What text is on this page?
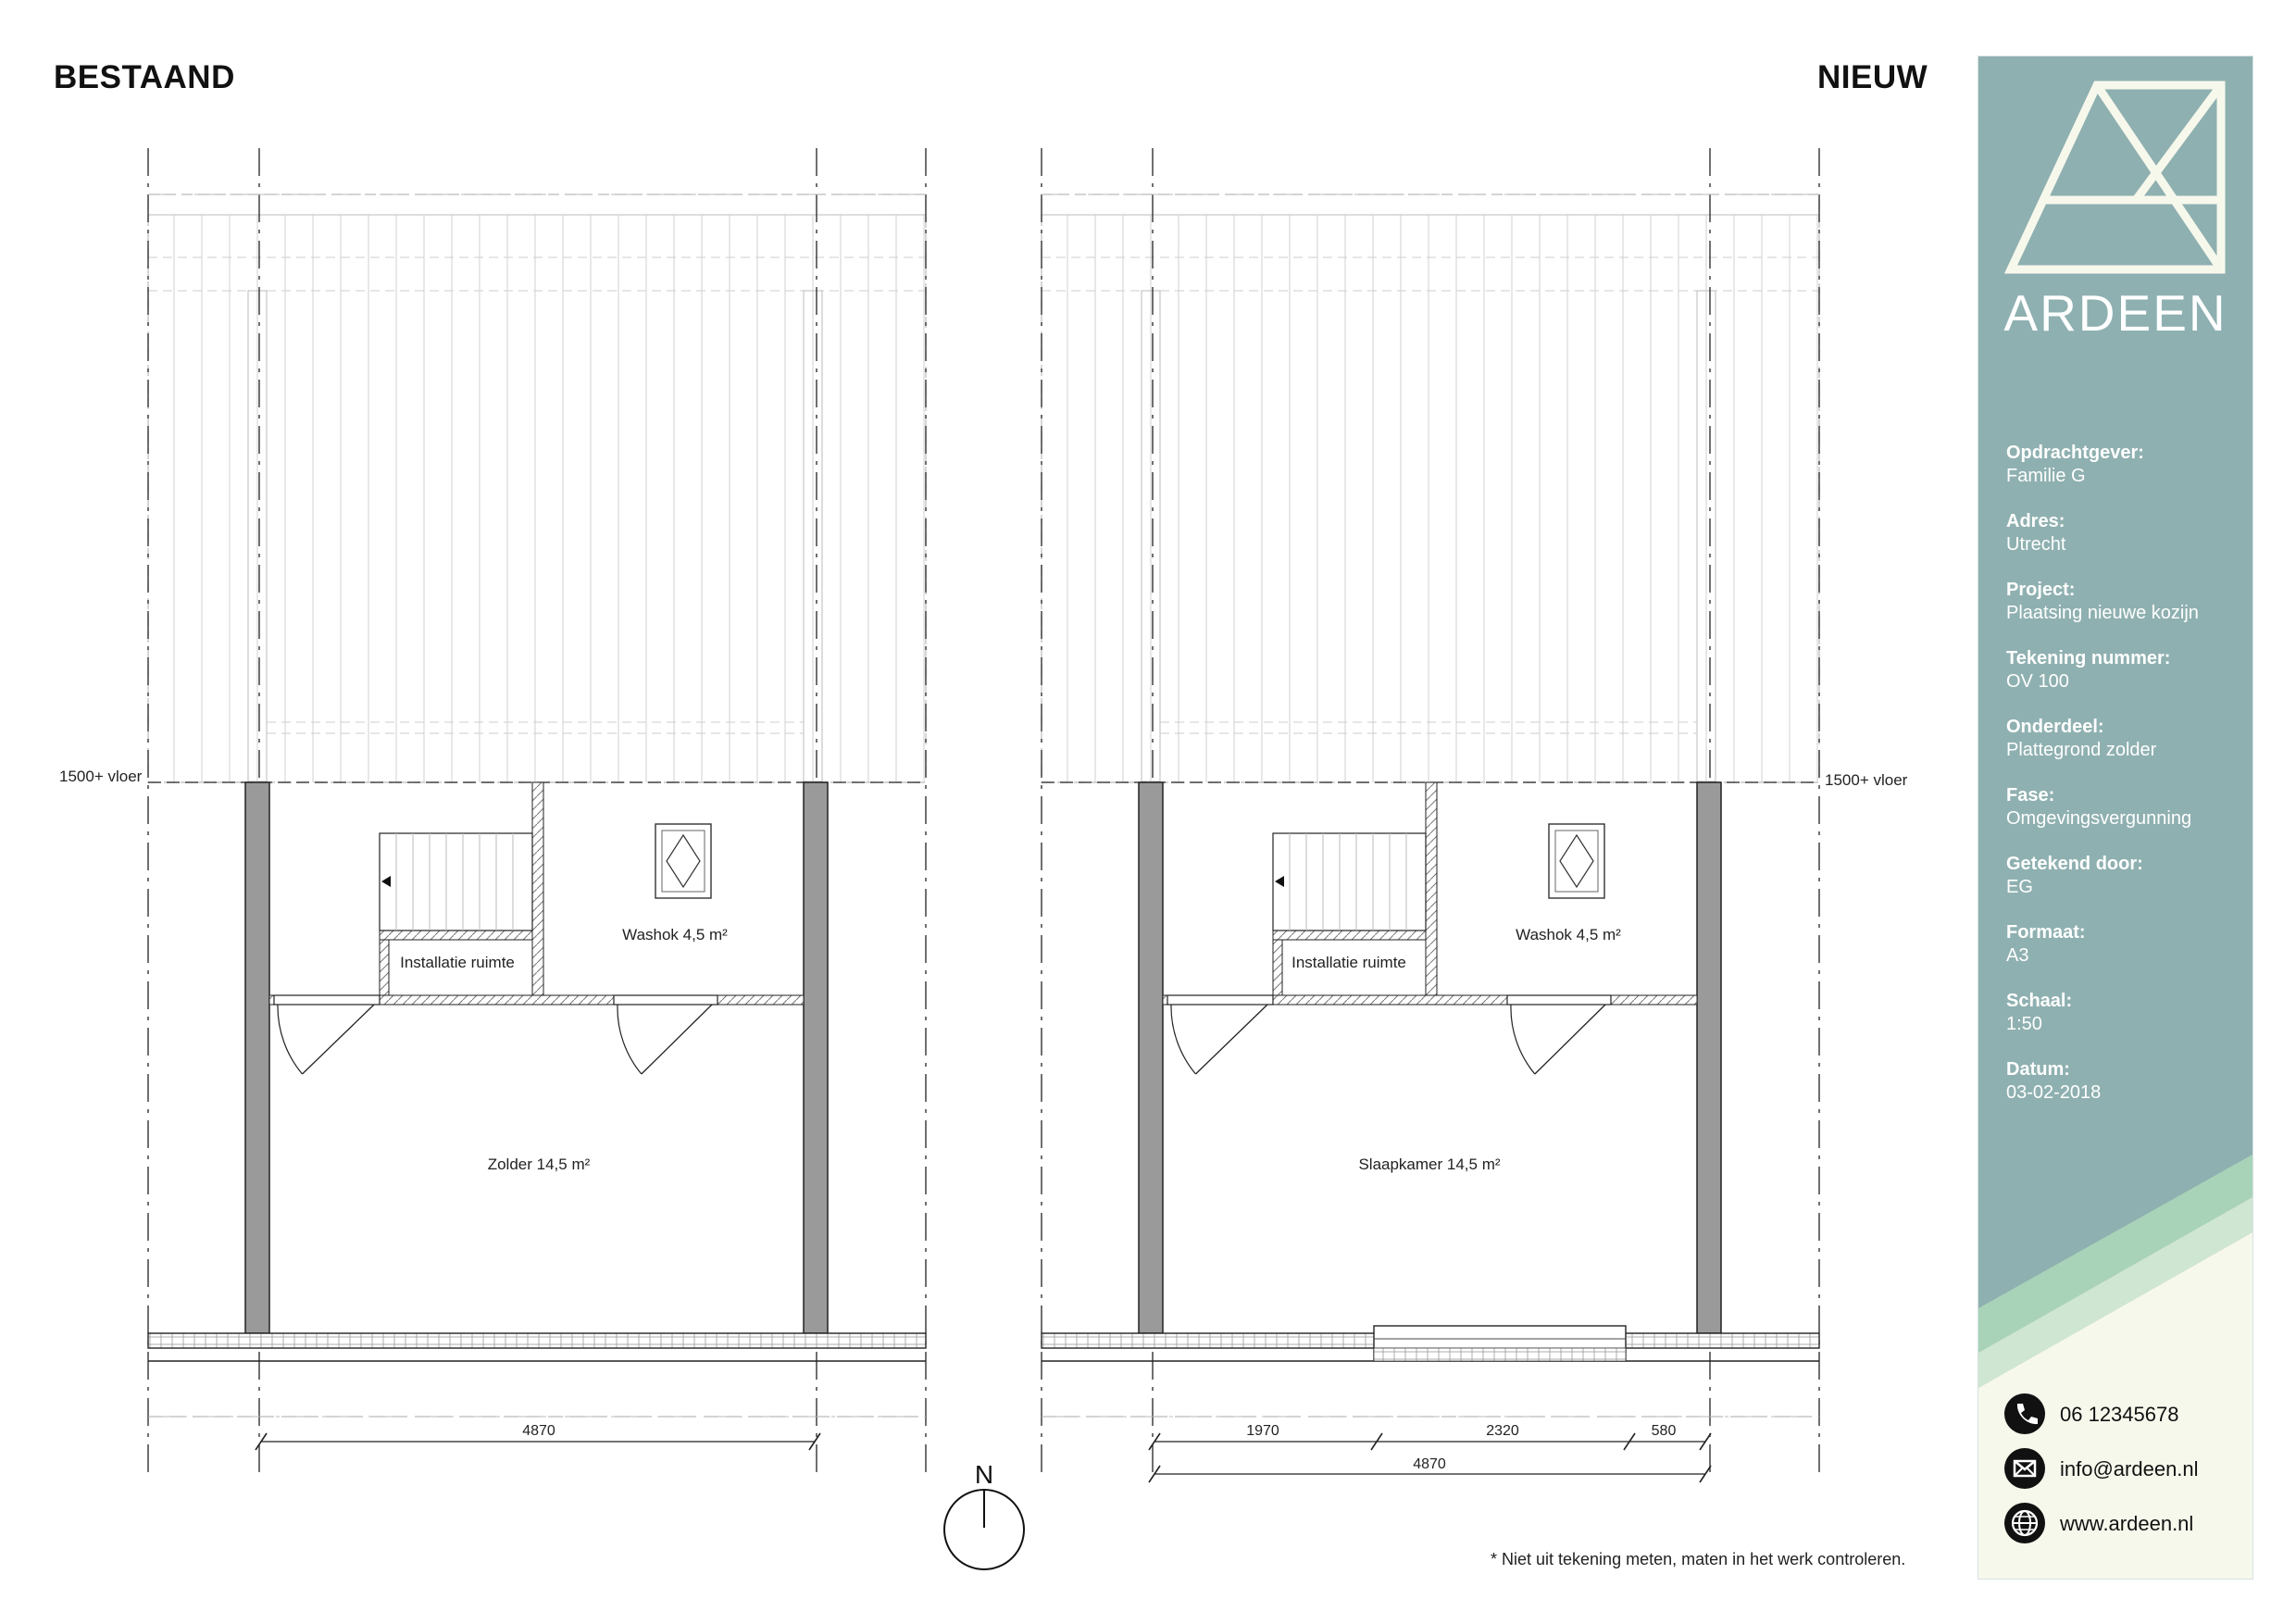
BESTAAND	NIEUW
1500+ vloer	1500+ vloer
Installatie ruimte
Washok 4,5 m²
Zolder 14,5 m²
Installatie ruimte
Washok 4,5 m²
Slaapkamer 14,5 m²
4870	1970	2320	580
4870
N
* Niet uit tekening meten, maten in het werk controleren.
ARDEEN
Opdrachtgever:
Familie G
Adres:
Utrecht
Project:
Plaatsing nieuwe kozijn
Tekening nummer:
OV 100
Onderdeel:
Plattegrond zolder
Fase:
Omgevingsvergunning
Getekend door:
EG
Formaat:
A3
Schaal:
1:50
Datum:
03-02-2018
06 12345678
info@ardeen.nl
www.ardeen.nl
